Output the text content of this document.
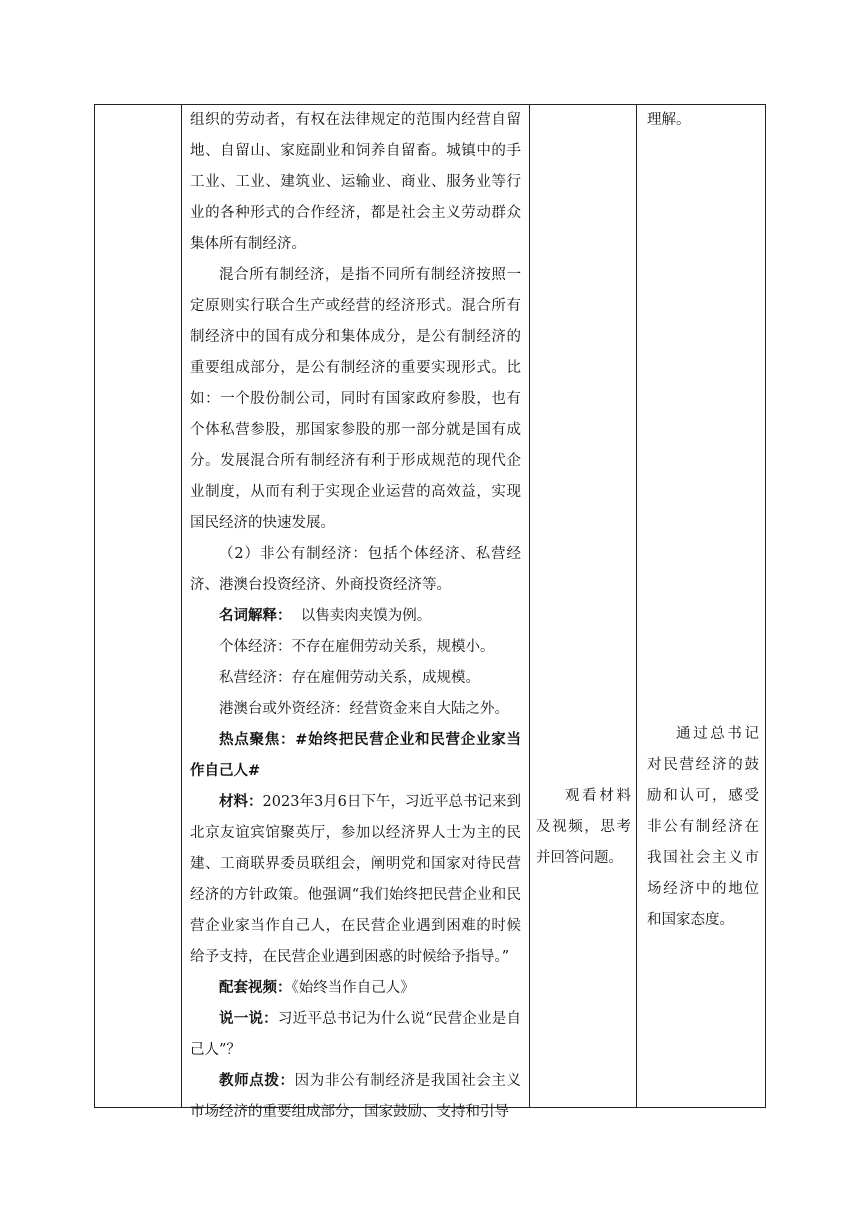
组织的劳动者，有权在法律规定的范围内经营自留地、自留山、家庭副业和饲养自留畜。城镇中的手工业、工业、建筑业、运输业、商业、服务业等行业的各种形式的合作经济，都是社会主义劳动群众集体所有制经济。

混合所有制经济，是指不同所有制经济按照一定原则实行联合生产或经营的经济形式。混合所有制经济中的国有成分和集体成分，是公有制经济的重要组成部分，是公有制经济的重要实现形式。比如：一个股份制公司，同时有国家政府参股，也有个体私营参股，那国家参股的那一部分就是国有成分。发展混合所有制经济有利于形成规范的现代企业制度，从而有利于实现企业运营的高效益，实现国民经济的快速发展。

（2）非公有制经济：包括个体经济、私营经济、港澳台投资经济、外商投资经济等。

名词解释： 以售卖肉夹馍为例。

个体经济：不存在雇佣劳动关系，规模小。

私营经济：存在雇佣劳动关系，成规模。

港澳台或外资经济：经营资金来自大陆之外。

热点聚焦：#始终把民营企业和民营企业家当作自己人#

材料：2023年3月6日下午，习近平总书记来到北京友谊宾馆聚英厅，参加以经济界人士为主的民建、工商联界委员联组会，阐明党和国家对待民营经济的方针政策。他强调“我们始终把民营企业和民营企业家当作自己人，在民营企业遇到困难的时候给予支持，在民营企业遇到困惑的时候给予指导。”

配套视频：《始终当作自己人》

说一说：习近平总书记为什么说“民营企业是自己人”？

教师点拨：因为非公有制经济是我国社会主义市场经济的重要组成部分，国家鼓励、支持和引导

观看材料及视频，思考并回答问题。

理解。

通过总书记对民营经济的鼓励和认可，感受非公有制经济在我国社会主义市场经济中的地位和国家态度。
